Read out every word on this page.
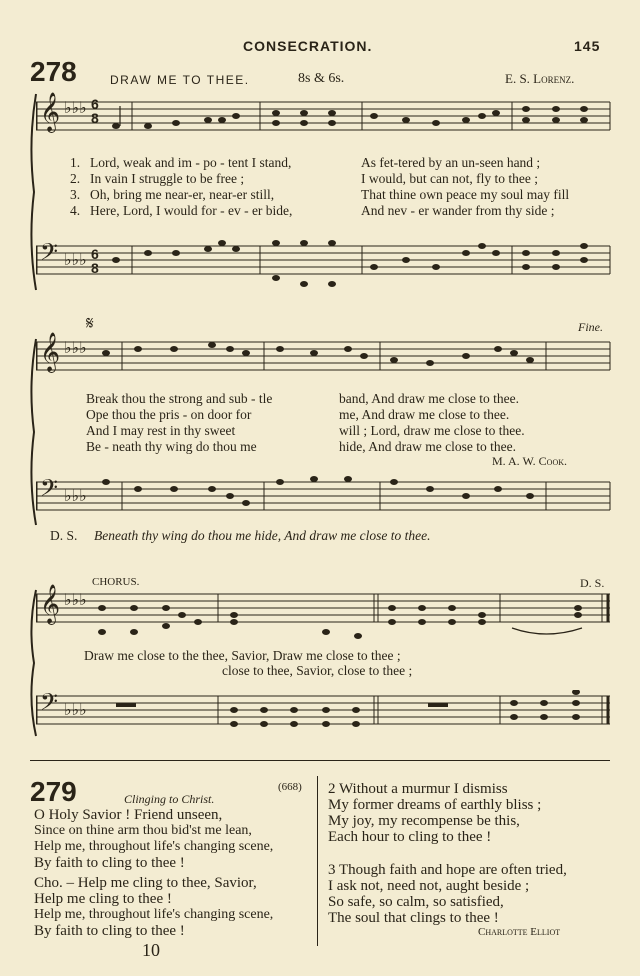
CONSECRATION.	145
278	DRAW ME TO THEE.	8s & 6s.	E. S. Lorenz.
𝄞 ♭♭♭ 6
8
1. Lord, weak and im - po - tent I stand,	As fet-tered by an un-seen hand ;
2. In vain I struggle to be free ;	I would, but can not, fly to thee ;
3. Oh, bring me near-er, near-er still,	That thine own peace my soul may fill
4. Here, Lord, I would for - ev - er bide,	And nev - er wander from thy side ;
𝄢 ♭♭♭ 6
8
𝄋	Fine.
𝄞 ♭♭♭
Break thou the strong and sub - tle	band, And draw me close to thee.
Ope thou the pris - on door for	me, And draw me close to thee.
And I may rest in thy sweet	will ; Lord, draw me close to thee.
Be - neath thy wing do thou me	hide, And draw me close to thee.
M. A. W. Cook.
𝄢 ♭♭♭
D. S. Beneath thy wing do thou me hide, And draw me close to thee.
CHORUS.	D. S.
𝄞 ♭♭♭
Draw me close to the thee, Savior, Draw me close to thee ;
close to thee, Savior, close to thee ;
𝄢 ♭♭♭
279	Clinging to Christ.
(668)
O Holy Savior ! Friend unseen,
Since on thine arm thou bid'st me lean,
Help me, throughout life's changing scene,
By faith to cling to thee !
Cho. – Help me cling to thee, Savior,
Help me cling to thee !
Help me, throughout life's changing scene,
By faith to cling to thee !
2 Without a murmur I dismiss
My former dreams of earthly bliss ;
My joy, my recompense be this,
Each hour to cling to thee !
3 Though faith and hope are often tried,
I ask not, need not, aught beside ;
So safe, so calm, so satisfied,
The soul that clings to thee !
Charlotte Elliot
10
